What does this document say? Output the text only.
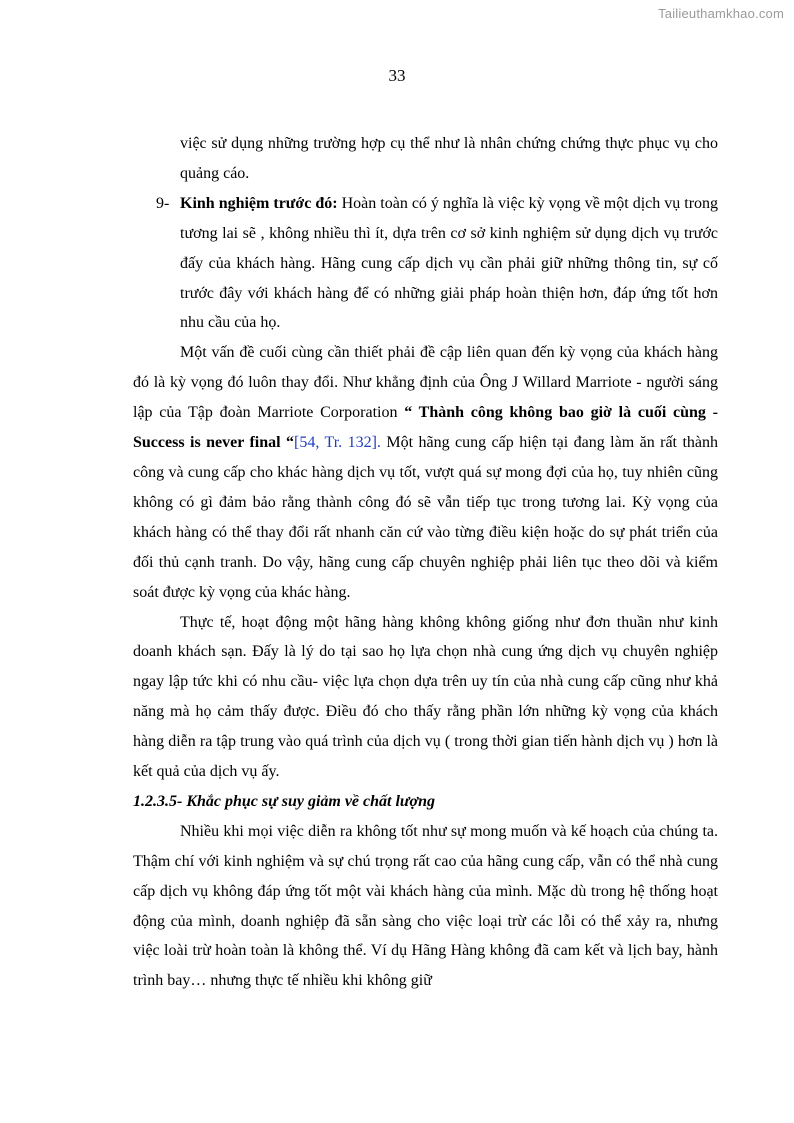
Tailieuthamkhao.com
33

việc sử dụng những trường hợp cụ thể như là nhân chứng chứng thực phục vụ cho quảng cáo.

9- Kinh nghiệm trước đó: Hoàn toàn có ý nghĩa là việc kỳ vọng về một dịch vụ trong tương lai sẽ , không nhiều thì ít, dựa trên cơ sở kinh nghiệm sử dụng dịch vụ trước đấy của khách hàng. Hãng cung cấp dịch vụ cần phải giữ những thông tin, sự cố trước đây với khách hàng để có những giải pháp hoàn thiện hơn, đáp ứng tốt hơn nhu cầu của họ.

Một vấn đề cuối cùng cần thiết phải đề cập liên quan đến kỳ vọng của khách hàng đó là kỳ vọng đó luôn thay đổi. Như khẳng định của Ông J Willard Marriote - người sáng lập của Tập đoàn Marriote Corporation “ Thành công không bao giờ là cuối cùng - Success is never final “[54, Tr. 132]. Một hãng cung cấp hiện tại đang làm ăn rất thành công và cung cấp cho khác hàng dịch vụ tốt, vượt quá sự mong đợi của họ, tuy nhiên cũng không có gì đảm bảo rằng thành công đó sẽ vẫn tiếp tục trong tương lai. Kỳ vọng của khách hàng có thể thay đổi rất nhanh căn cứ vào từng điều kiện hoặc do sự phát triển của đối thủ cạnh tranh. Do vậy, hãng cung cấp chuyên nghiệp phải liên tục theo dõi và kiểm soát được kỳ vọng của khác hàng.

Thực tế, hoạt động một hãng hàng không không giống như đơn thuần như kinh doanh khách sạn. Đấy là lý do tại sao họ lựa chọn nhà cung ứng dịch vụ chuyên nghiệp ngay lập tức khi có nhu cầu- việc lựa chọn dựa trên uy tín của nhà cung cấp cũng như khả năng mà họ cảm thấy được. Điều đó cho thấy rằng phần lớn những kỳ vọng của khách hàng diễn ra tập trung vào quá trình của dịch vụ ( trong thời gian tiến hành dịch vụ ) hơn là kết quả của dịch vụ ấy.

1.2.3.5- Khắc phục sự suy giảm về chất lượng

Nhiều khi mọi việc diễn ra không tốt như sự mong muốn và kế hoạch của chúng ta. Thậm chí với kinh nghiệm và sự chú trọng rất cao của hãng cung cấp, vẫn có thể nhà cung cấp dịch vụ không đáp ứng tốt một vài khách hàng của mình. Mặc dù trong hệ thống hoạt động của mình, doanh nghiệp đã sẵn sàng cho việc loại trừ các lỗi có thể xảy ra, nhưng việc loài trừ hoàn toàn là không thể. Ví dụ Hãng Hàng không đã cam kết và lịch bay, hành trình bay… nhưng thực tế nhiều khi không giữ
